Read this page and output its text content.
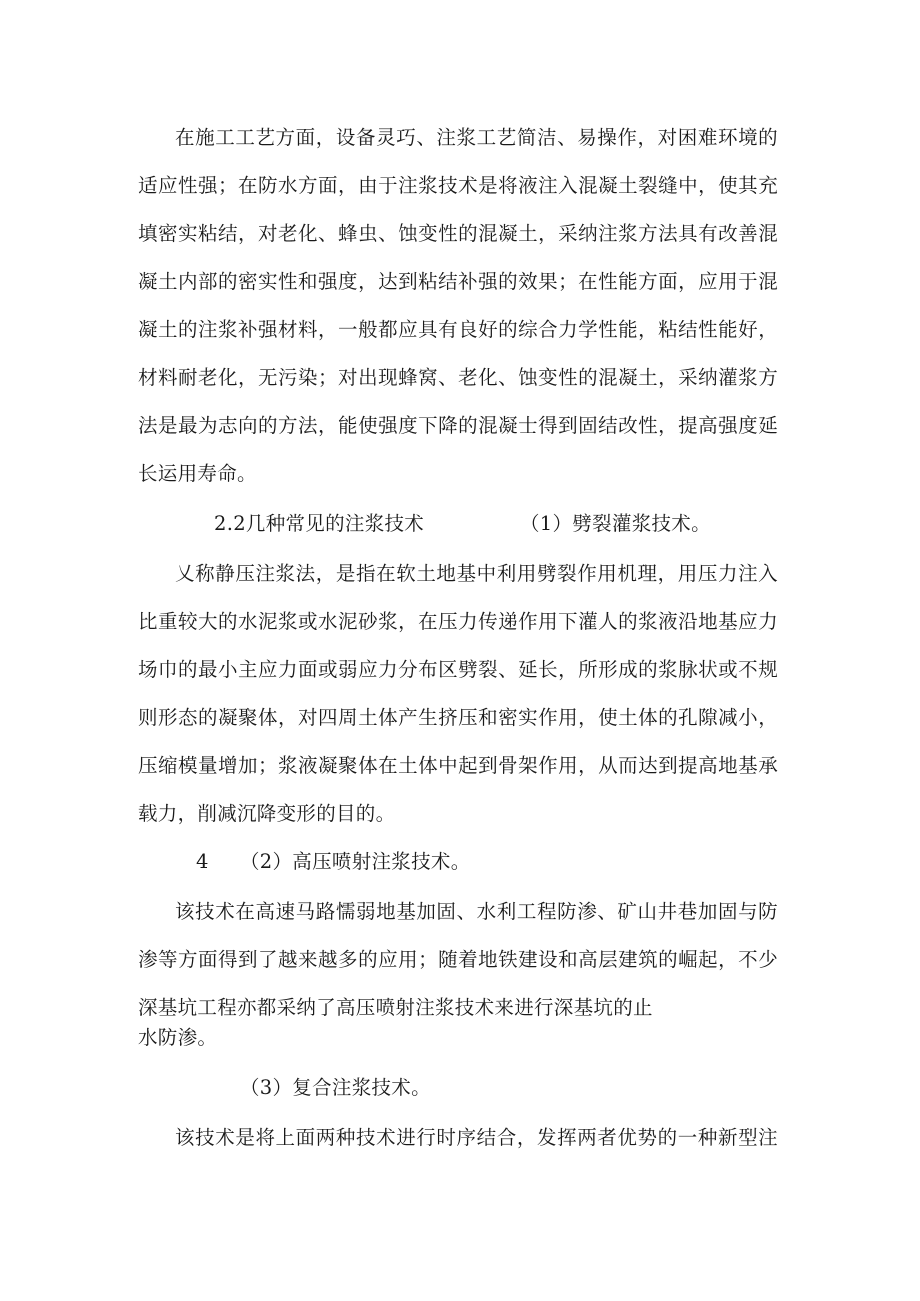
在施工工艺方面，设备灵巧、注浆工艺简洁、易操作，对困难环境的
适应性强；在防水方面，由于注浆技术是将液注入混凝土裂缝中，使其充
填密实粘结，对老化、蜂虫、蚀变性的混凝土，采纳注浆方法具有改善混
凝土内部的密实性和强度，达到粘结补强的效果；在性能方面，应用于混
凝土的注浆补强材料，一般都应具有良好的综合力学性能，粘结性能好，
材料耐老化，无污染；对出现蜂窝、老化、蚀变性的混凝土，采纳灌浆方
法是最为志向的方法，能使强度下降的混凝士得到固结改性，提高强度延
长运用寿命。
2.2几种常见的注浆技术	（1）劈裂灌浆技术。
乂称静压注浆法，是指在软土地基中利用劈裂作用机理，用压力注入
比重较大的水泥浆或水泥砂浆，在压力传递作用下灌人的浆液沿地基应力
场巾的最小主应力面或弱应力分布区劈裂、延长，所形成的浆脉状或不规
则形态的凝聚体，对四周土体产生挤压和密实作用，使土体的孔隙减小，
压缩模量增加；浆液凝聚体在土体中起到骨架作用，从而达到提高地基承
载力，削减沉降变形的目的。
4 （2）高压喷射注浆技术。
该技术在高速马路懦弱地基加固、水利工程防渗、矿山井巷加固与防
渗等方面得到了越来越多的应用；随着地铁建设和高层建筑的崛起，不少
深基坑工程亦都采纳了高压喷射注浆技术来进行深基坑的止
水防渗。
（3）复合注浆技术。
该技术是将上面两种技术进行时序结合，发挥两者优势的一种新型注
